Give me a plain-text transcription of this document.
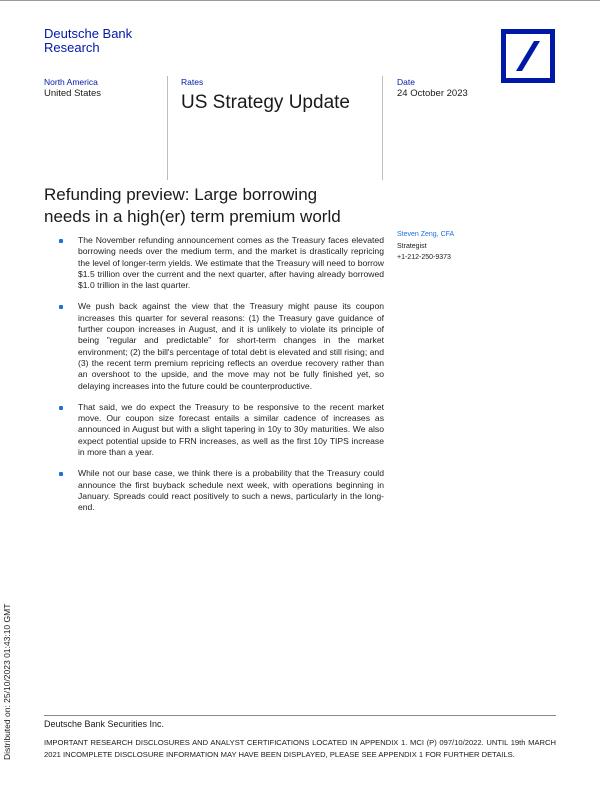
Deutsche Bank
Research
North America
United States
Rates
US Strategy Update
Date
24 October 2023
Refunding preview: Large borrowing
needs in a high(er) term premium world
Steven Zeng, CFA
Strategist
+1-212-250-9373
The November refunding announcement comes as the Treasury faces elevated borrowing needs over the medium term, and the market is drastically repricing the level of longer-term yields. We estimate that the Treasury will need to borrow $1.5 trillion over the current and the next quarter, after having already borrowed $1.0 trillion in the last quarter.
We push back against the view that the Treasury might pause its coupon increases this quarter for several reasons: (1) the Treasury gave guidance of further coupon increases in August, and it is unlikely to violate its principle of being "regular and predictable" for short-term changes in the market environment; (2) the bill's percentage of total debt is elevated and still rising; and (3) the recent term premium repricing reflects an overdue recovery rather than an overshoot to the upside, and the move may not be fully finished yet, so delaying increases into the future could be counterproductive.
That said, we do expect the Treasury to be responsive to the recent market move. Our coupon size forecast entails a similar cadence of increases as announced in August but with a slight tapering in 10y to 30y maturities. We also expect potential upside to FRN increases, as well as the first 10y TIPS increase in more than a year.
While not our base case, we think there is a probability that the Treasury could announce the first buyback schedule next week, with operations beginning in January. Spreads could react positively to such a news, particularly in the long-end.
Distributed on: 25/10/2023 01:43:10 GMT	Deutsche Bank Securities Inc.
IMPORTANT RESEARCH DISCLOSURES AND ANALYST CERTIFICATIONS LOCATED IN APPENDIX 1. MCI (P) 097/10/2022. UNTIL 19th MARCH 2021 INCOMPLETE DISCLOSURE INFORMATION MAY HAVE BEEN DISPLAYED, PLEASE SEE APPENDIX 1 FOR FURTHER DETAILS.
